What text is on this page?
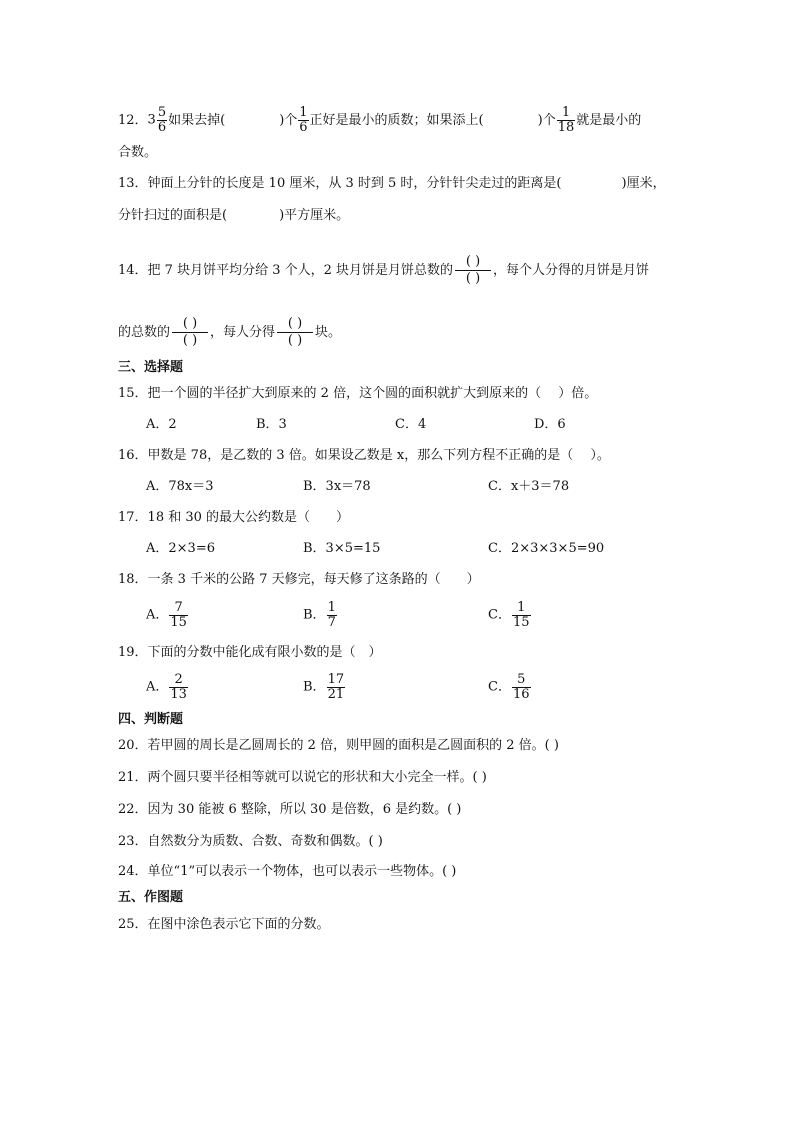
12．$3 \frac{5}{6}$ 如果去掉(	)个 $\frac{1}{6}$ 正好是最小的质数；如果添上(	)个 $\frac{1}{18}$ 就是最小的
合数。
13．钟面上分针的长度是 10 厘米，从 3 时到 5 时，分针针尖走过的距离是(	)厘米，
分针扫过的面积是(	)平方厘米。
14．把 7 块月饼平均分给 3 个人，2 块月饼是月饼总数的
( )
( )
，每个人分得的月饼是月饼
的总数的
( )
( )
，每人分得
( )
( )
块。
三、选择题
15．把一个圆的半径扩大到原来的 2 倍，这个圆的面积就扩大到原来的（　 ）倍。
A．2	B．3	C．4	D．6
16．甲数是 78，是乙数的 3 倍。如果设乙数是 x，那么下列方程不正确的是（　 ）。
A．78x＝3	B．3x＝78	C．x＋3＝78
17．18 和 30 的最大公约数是（　　）
A．2×3=6	B．3×5=15	C．2×3×3×5=90
18．一条 3 千米的公路 7 天修完，每天修了这条路的（　　）
A． $\frac{7}{15}$	B． $\frac{1}{7}$	C． $\frac{1}{15}$
19．下面的分数中能化成有限小数的是（　）
A． $\frac{2}{13}$	B． $\frac{17}{21}$	C． $\frac{5}{16}$
四、判断题
20．若甲圆的周长是乙圆周长的 2 倍，则甲圆的面积是乙圆面积的 2 倍。( )
21．两个圆只要半径相等就可以说它的形状和大小完全一样。( )
22．因为 30 能被 6 整除，所以 30 是倍数，6 是约数。( )
23．自然数分为质数、合数、奇数和偶数。( )
24．单位“1”可以表示一个物体，也可以表示一些物体。( )
五、作图题
25．在图中涂色表示它下面的分数。
